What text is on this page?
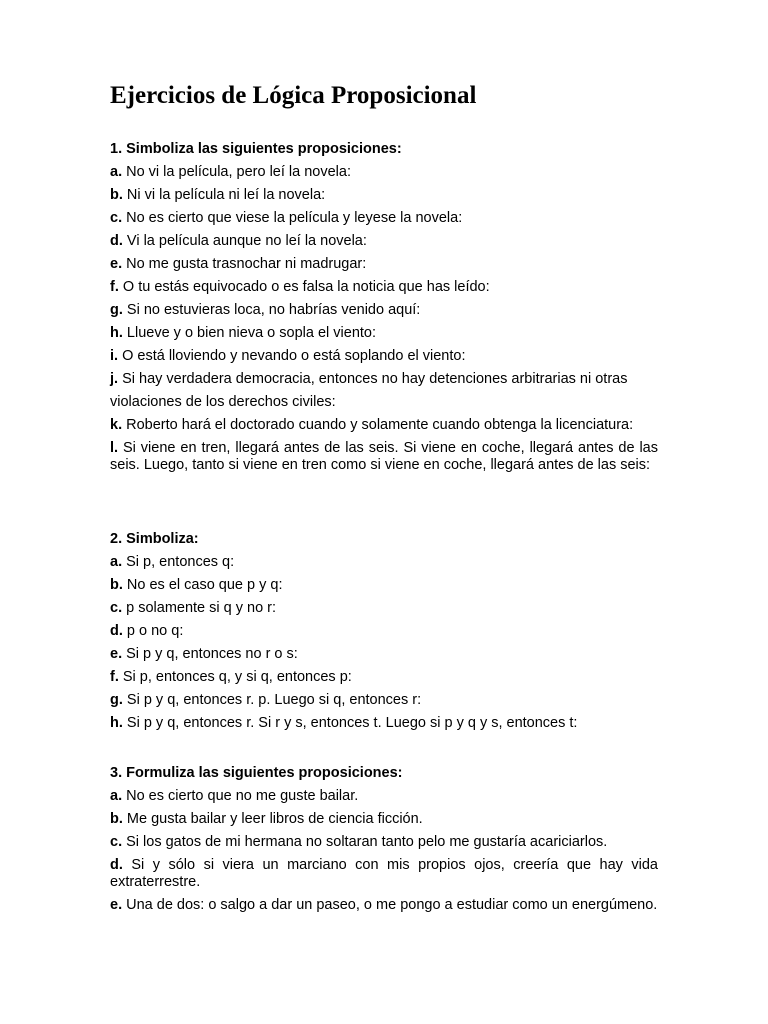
Ejercicios de Lógica Proposicional
1. Simboliza las siguientes proposiciones:
a. No vi la película, pero leí la novela:
b. Ni vi la película ni leí la novela:
c. No es cierto que viese la película y leyese la novela:
d. Vi la película aunque no leí la novela:
e. No me gusta trasnochar ni madrugar:
f. O tu estás equivocado o es falsa la noticia que has leído:
g. Si no estuvieras loca, no habrías venido aquí:
h. Llueve y o bien nieva o sopla el viento:
i. O está lloviendo y nevando o está soplando el viento:
j. Si hay verdadera democracia, entonces no hay detenciones arbitrarias ni otras violaciones de los derechos civiles:
k. Roberto hará el doctorado cuando y solamente cuando obtenga la licenciatura:
l. Si viene en tren, llegará antes de las seis. Si viene en coche, llegará antes de las seis. Luego, tanto si viene en tren como si viene en coche, llegará antes de las seis:
2. Simboliza:
a. Si p, entonces q:
b. No es el caso que p y q:
c. p solamente si q y no r:
d. p o no q:
e. Si p y q, entonces no r o s:
f. Si p, entonces q, y si q, entonces p:
g. Si p y q, entonces r. p. Luego si q, entonces r:
h. Si p y q, entonces r. Si r y s, entonces t. Luego si p y q y s, entonces t:
3. Formuliza las siguientes proposiciones:
a. No es cierto que no me guste bailar.
b. Me gusta bailar y leer libros de ciencia ficción.
c. Si los gatos de mi hermana no soltaran tanto pelo me gustaría acariciarlos.
d. Si y sólo si viera un marciano con mis propios ojos, creería que hay vida extraterrestre.
e. Una de dos: o salgo a dar un paseo, o me pongo a estudiar como un energúmeno.
